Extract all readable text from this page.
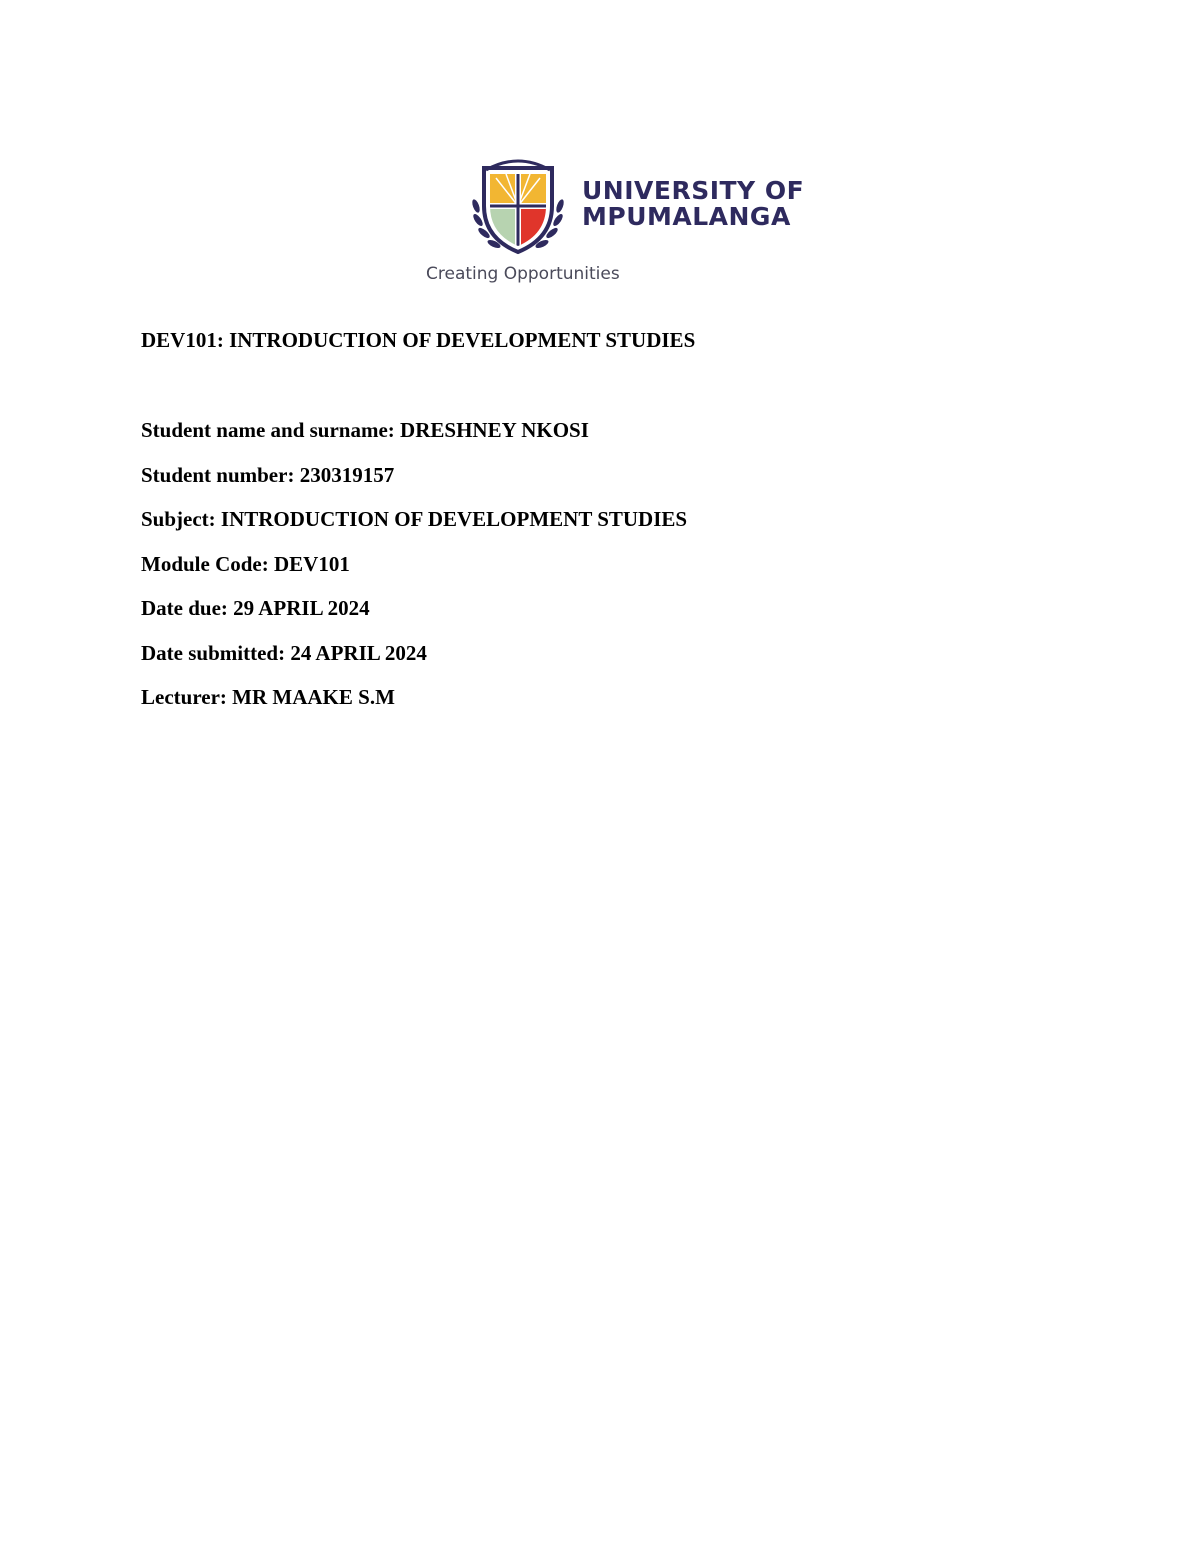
UNIVERSITY OF
MPUMALANGA
Creating Opportunities
DEV101: INTRODUCTION OF DEVELOPMENT STUDIES
Student name and surname: DRESHNEY NKOSI
Student number: 230319157
Subject: INTRODUCTION OF DEVELOPMENT STUDIES
Module Code: DEV101
Date due: 29 APRIL 2024
Date submitted: 24 APRIL 2024
Lecturer: MR MAAKE S.M
